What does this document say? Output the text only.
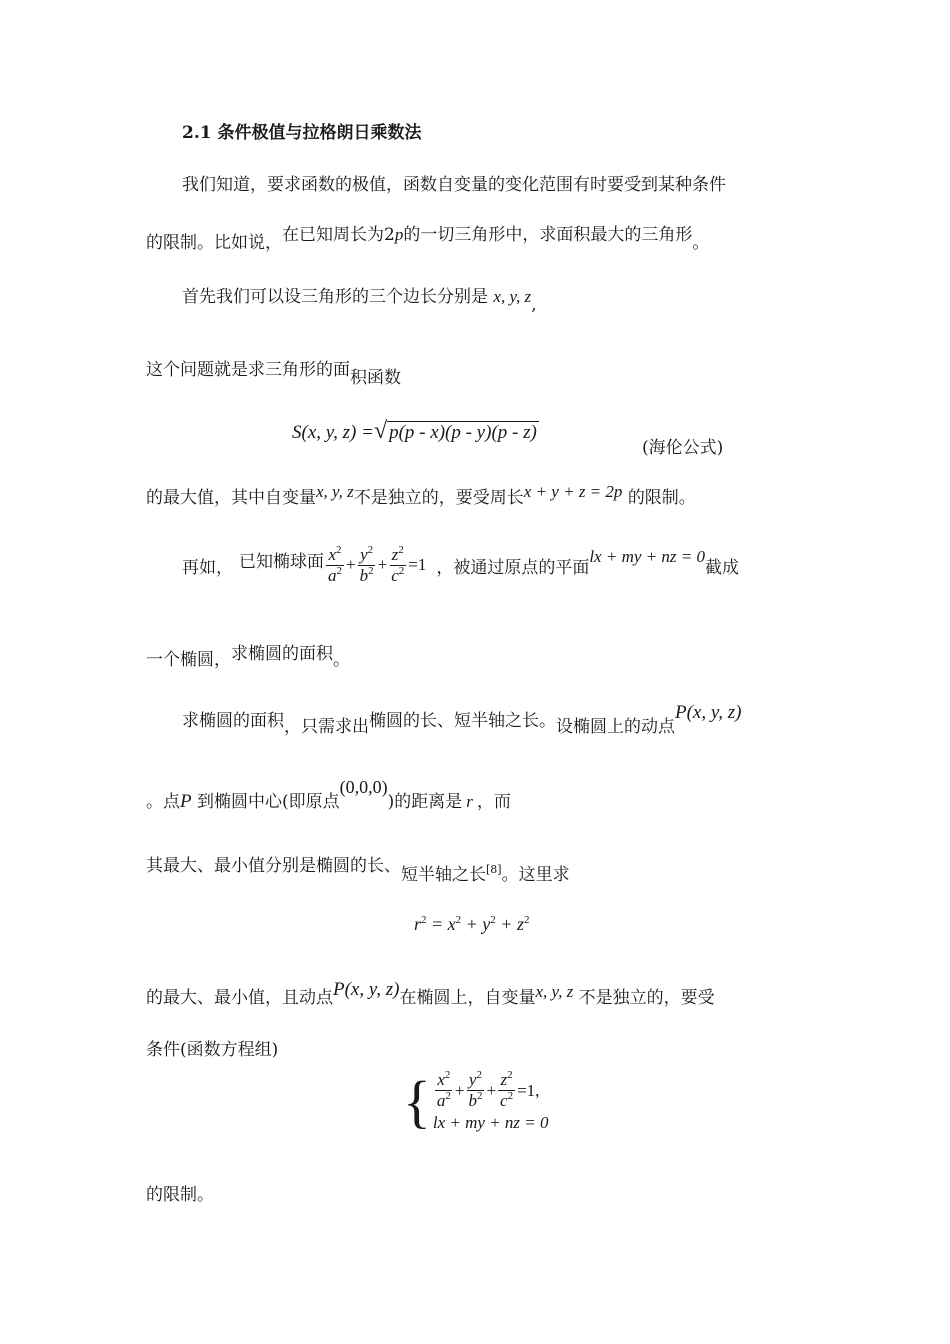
2.1 条件极值与拉格朗日乘数法
我们知道，要求函数的极值，函数自变量的变化范围有时要受到某种条件
的限制。比如说，在已知周长为2p的一切三角形中，求面积最大的三角形。
首先我们可以设三角形的三个边长分别是 x, y, z,
这个问题就是求三角形的面积函数
S(x, y, z) =√ p(p - x)(p - y)(p - z)
(海伦公式)
的最大值，其中自变量x, y, z不是独立的，要受周长x + y + z = 2p 的限制。
再如， 已知椭球面 $\frac{x^2}{a^2} + \frac{y^2}{b^2} + \frac{z^2}{c^2} =1$ ，被通过原点的平面
lx + my + nz = 0
截成
一个椭圆，求椭圆的面积。
求椭圆的面积，只需求出椭圆的长、短半轴之长。设椭圆上的动点P(x, y, z)
。点P 到椭圆中心(即原点(0,0,0))的距离是 r ，而
其最大、最小值分别是椭圆的长、短半轴之长[8]。这里求
$r^2 = x^2 + y^2 + z^2$
的最大、最小值，且动点P(x, y, z)在椭圆上，自变量x, y, z 不是独立的，要受
条件(函数方程组)
{ $\frac{x^2}{a^2} + \frac{y^2}{b^2} + \frac{z^2}{c^2} =1$,
lx + my + nz = 0
的限制。
